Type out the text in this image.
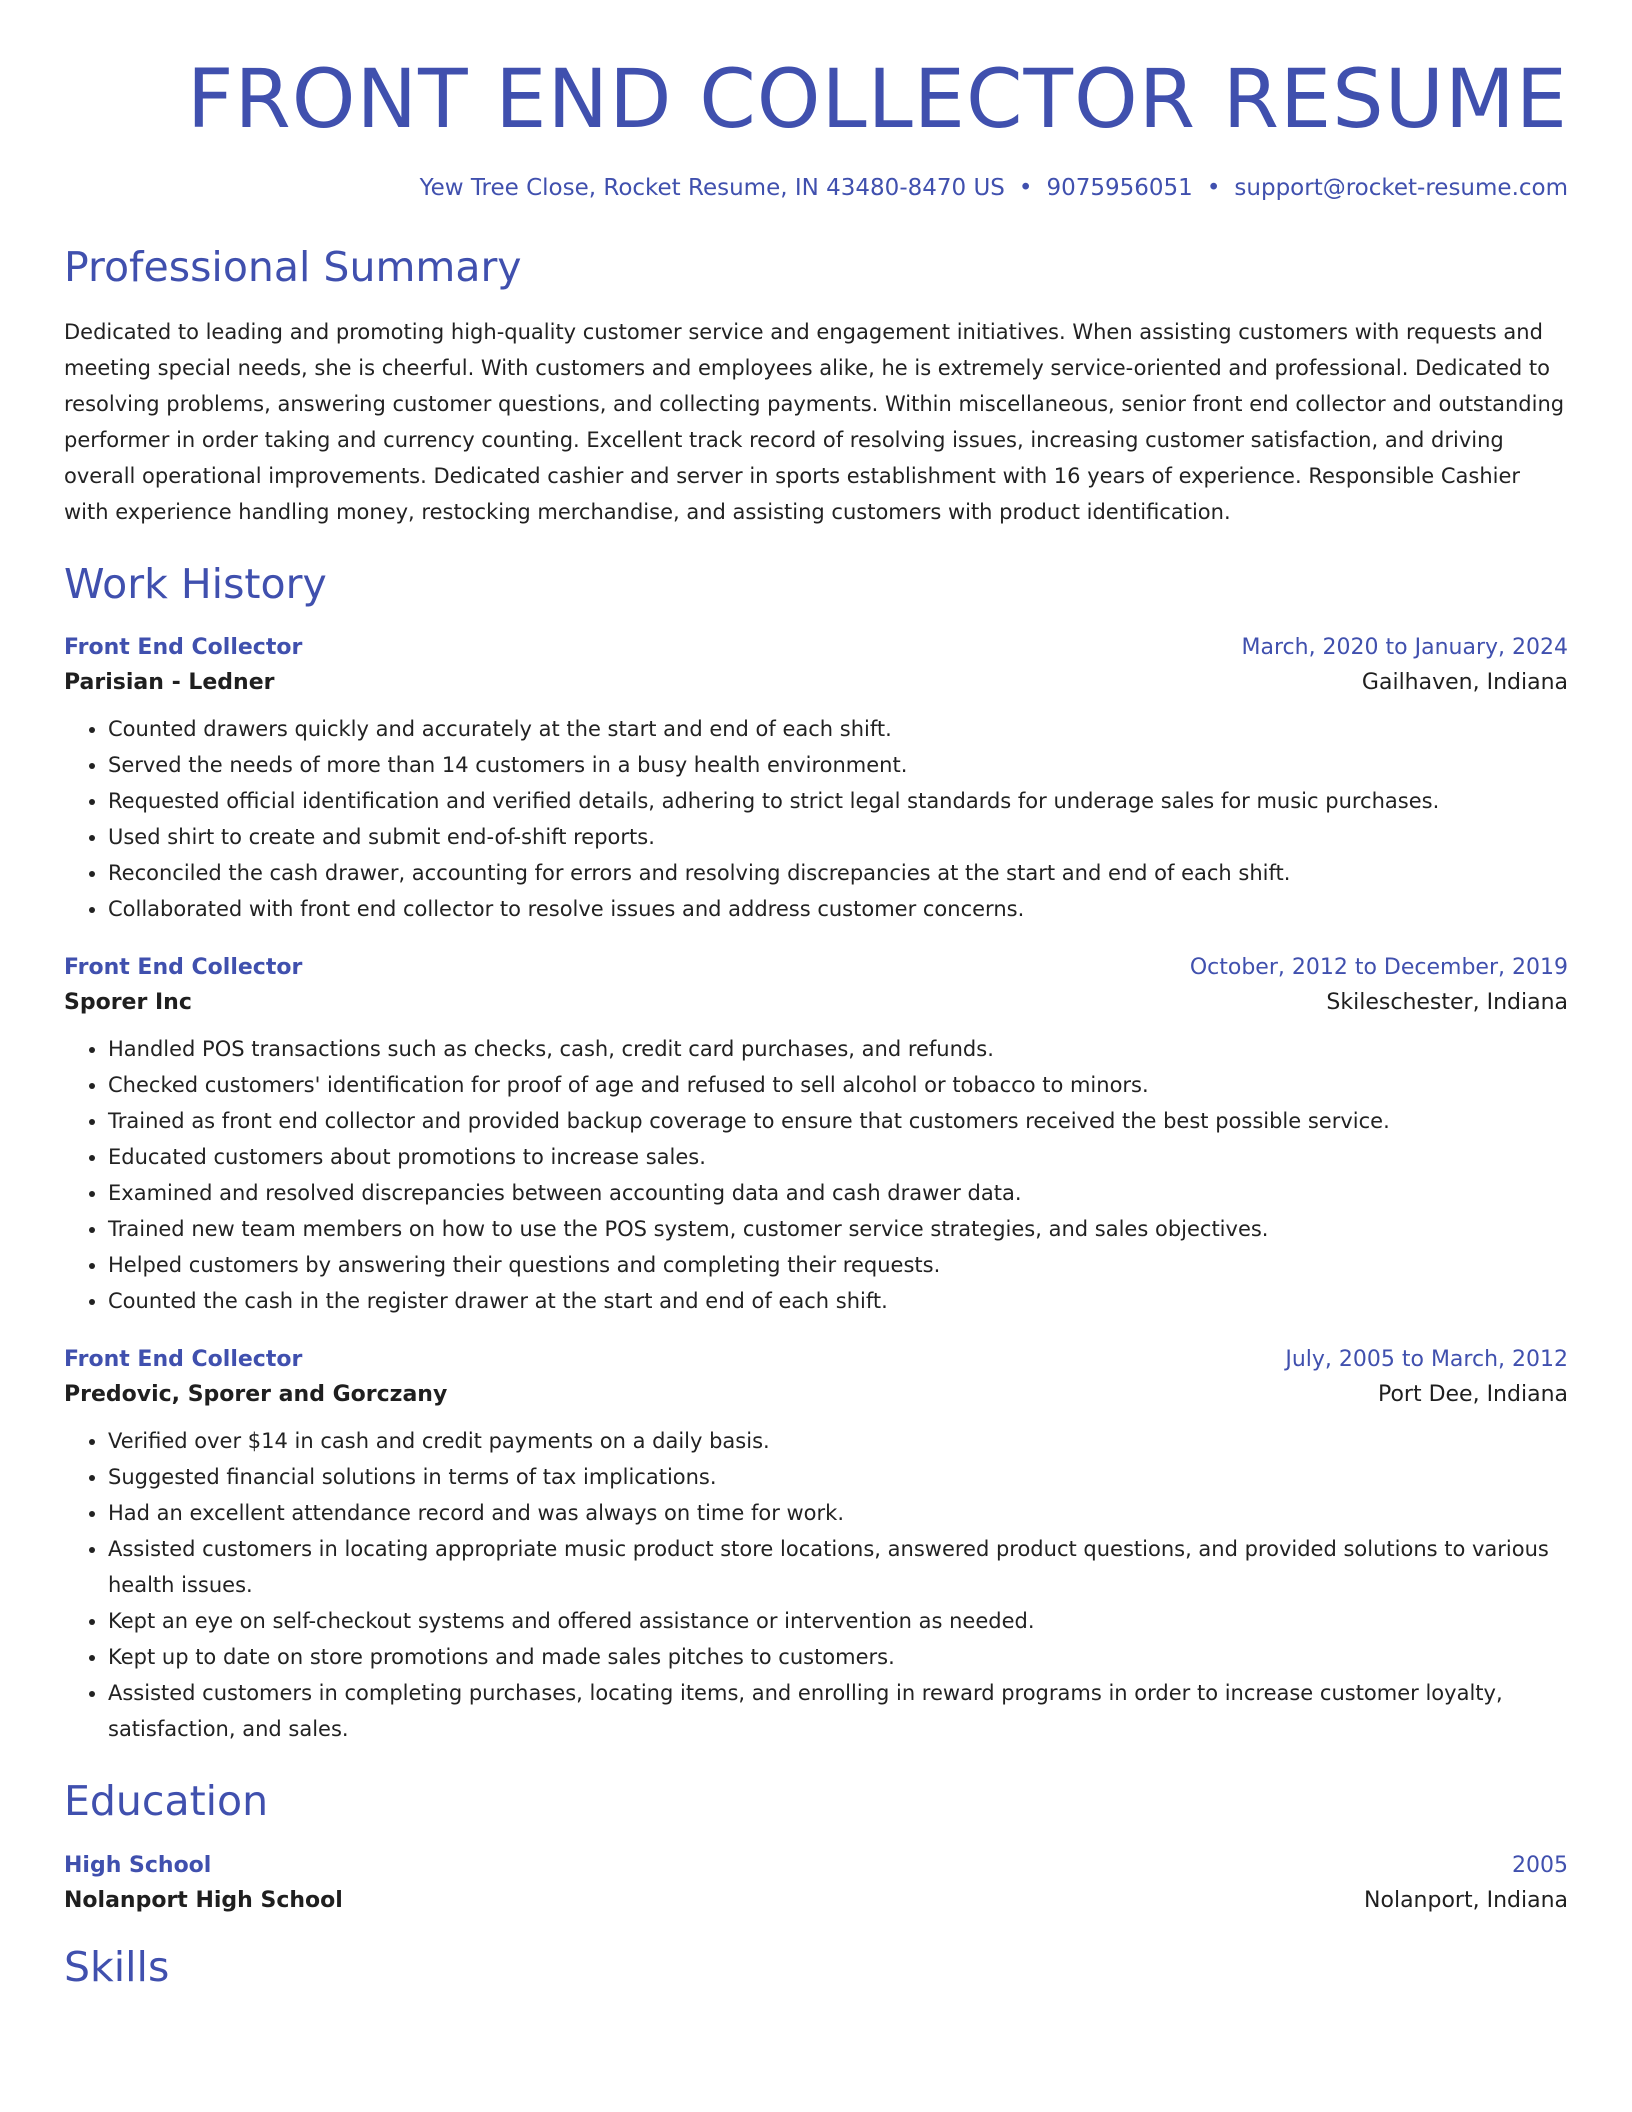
FRONT END COLLECTOR RESUME
Yew Tree Close, Rocket Resume, IN 43480-8470 US • 9075956051 • support@rocket-resume.com
Professional Summary
Dedicated to leading and promoting high-quality customer service and engagement initiatives. When assisting customers with requests and meeting special needs, she is cheerful. With customers and employees alike, he is extremely service-oriented and professional. Dedicated to resolving problems, answering customer questions, and collecting payments. Within miscellaneous, senior front end collector and outstanding performer in order taking and currency counting. Excellent track record of resolving issues, increasing customer satisfaction, and driving overall operational improvements. Dedicated cashier and server in sports establishment with 16 years of experience. Responsible Cashier with experience handling money, restocking merchandise, and assisting customers with product identification.
Work History
Front End Collector	March, 2020 to January, 2024
Parisian - Ledner	Gailhaven, Indiana
• Counted drawers quickly and accurately at the start and end of each shift.
• Served the needs of more than 14 customers in a busy health environment.
• Requested official identification and verified details, adhering to strict legal standards for underage sales for music purchases.
• Used shirt to create and submit end-of-shift reports.
• Reconciled the cash drawer, accounting for errors and resolving discrepancies at the start and end of each shift.
• Collaborated with front end collector to resolve issues and address customer concerns.
Front End Collector	October, 2012 to December, 2019
Sporer Inc	Skileschester, Indiana
• Handled POS transactions such as checks, cash, credit card purchases, and refunds.
• Checked customers' identification for proof of age and refused to sell alcohol or tobacco to minors.
• Trained as front end collector and provided backup coverage to ensure that customers received the best possible service.
• Educated customers about promotions to increase sales.
• Examined and resolved discrepancies between accounting data and cash drawer data.
• Trained new team members on how to use the POS system, customer service strategies, and sales objectives.
• Helped customers by answering their questions and completing their requests.
• Counted the cash in the register drawer at the start and end of each shift.
Front End Collector	July, 2005 to March, 2012
Predovic, Sporer and Gorczany	Port Dee, Indiana
• Verified over $14 in cash and credit payments on a daily basis.
• Suggested financial solutions in terms of tax implications.
• Had an excellent attendance record and was always on time for work.
• Assisted customers in locating appropriate music product store locations, answered product questions, and provided solutions to various health issues.
• Kept an eye on self-checkout systems and offered assistance or intervention as needed.
• Kept up to date on store promotions and made sales pitches to customers.
• Assisted customers in completing purchases, locating items, and enrolling in reward programs in order to increase customer loyalty, satisfaction, and sales.
Education
High School	2005
Nolanport High School	Nolanport, Indiana
Skills
